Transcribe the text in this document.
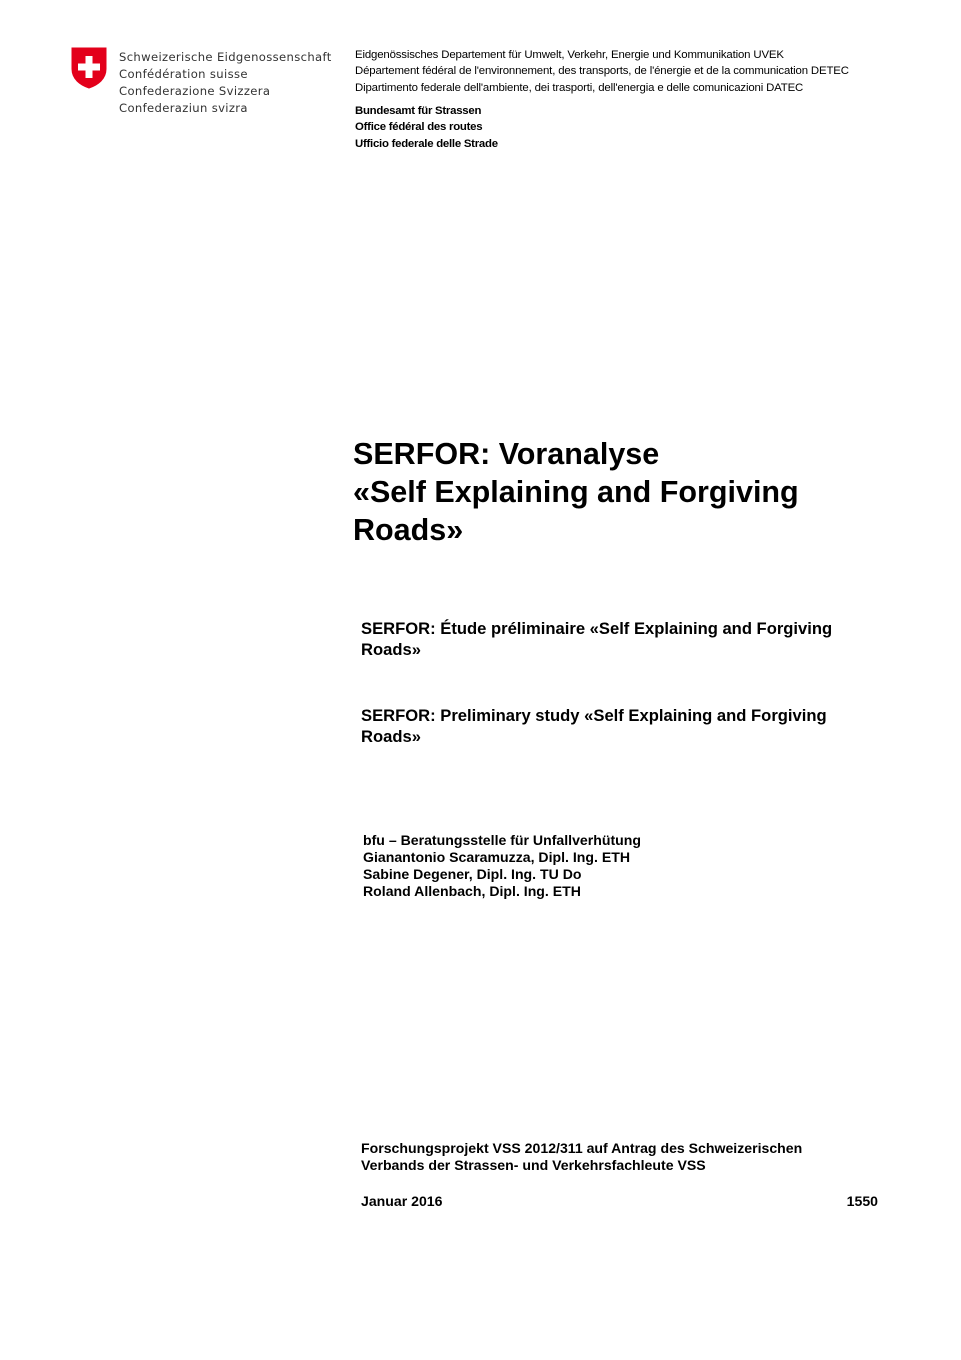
Schweizerische Eidgenossenschaft
Confédération suisse
Confederazione Svizzera
Confederaziun svizra
Eidgenössisches Departement für Umwelt, Verkehr, Energie und Kommunikation UVEK
Département fédéral de l'environnement, des transports, de l'énergie et de la communication DETEC
Dipartimento federale dell'ambiente, dei trasporti, dell'energia e delle comunicazioni DATEC
Bundesamt für Strassen
Office fédéral des routes
Ufficio federale delle Strade
SERFOR: Voranalyse
«Self Explaining and Forgiving
Roads»
SERFOR: Étude préliminaire «Self Explaining and Forgiving
Roads»
SERFOR: Preliminary study «Self Explaining and Forgiving
Roads»
bfu – Beratungsstelle für Unfallverhütung
Gianantonio Scaramuzza, Dipl. Ing. ETH
Sabine Degener, Dipl. Ing. TU Do
Roland Allenbach, Dipl. Ing. ETH
Forschungsprojekt VSS 2012/311 auf Antrag des Schweizerischen
Verbands der Strassen- und Verkehrsfachleute VSS
Januar 2016	1550
